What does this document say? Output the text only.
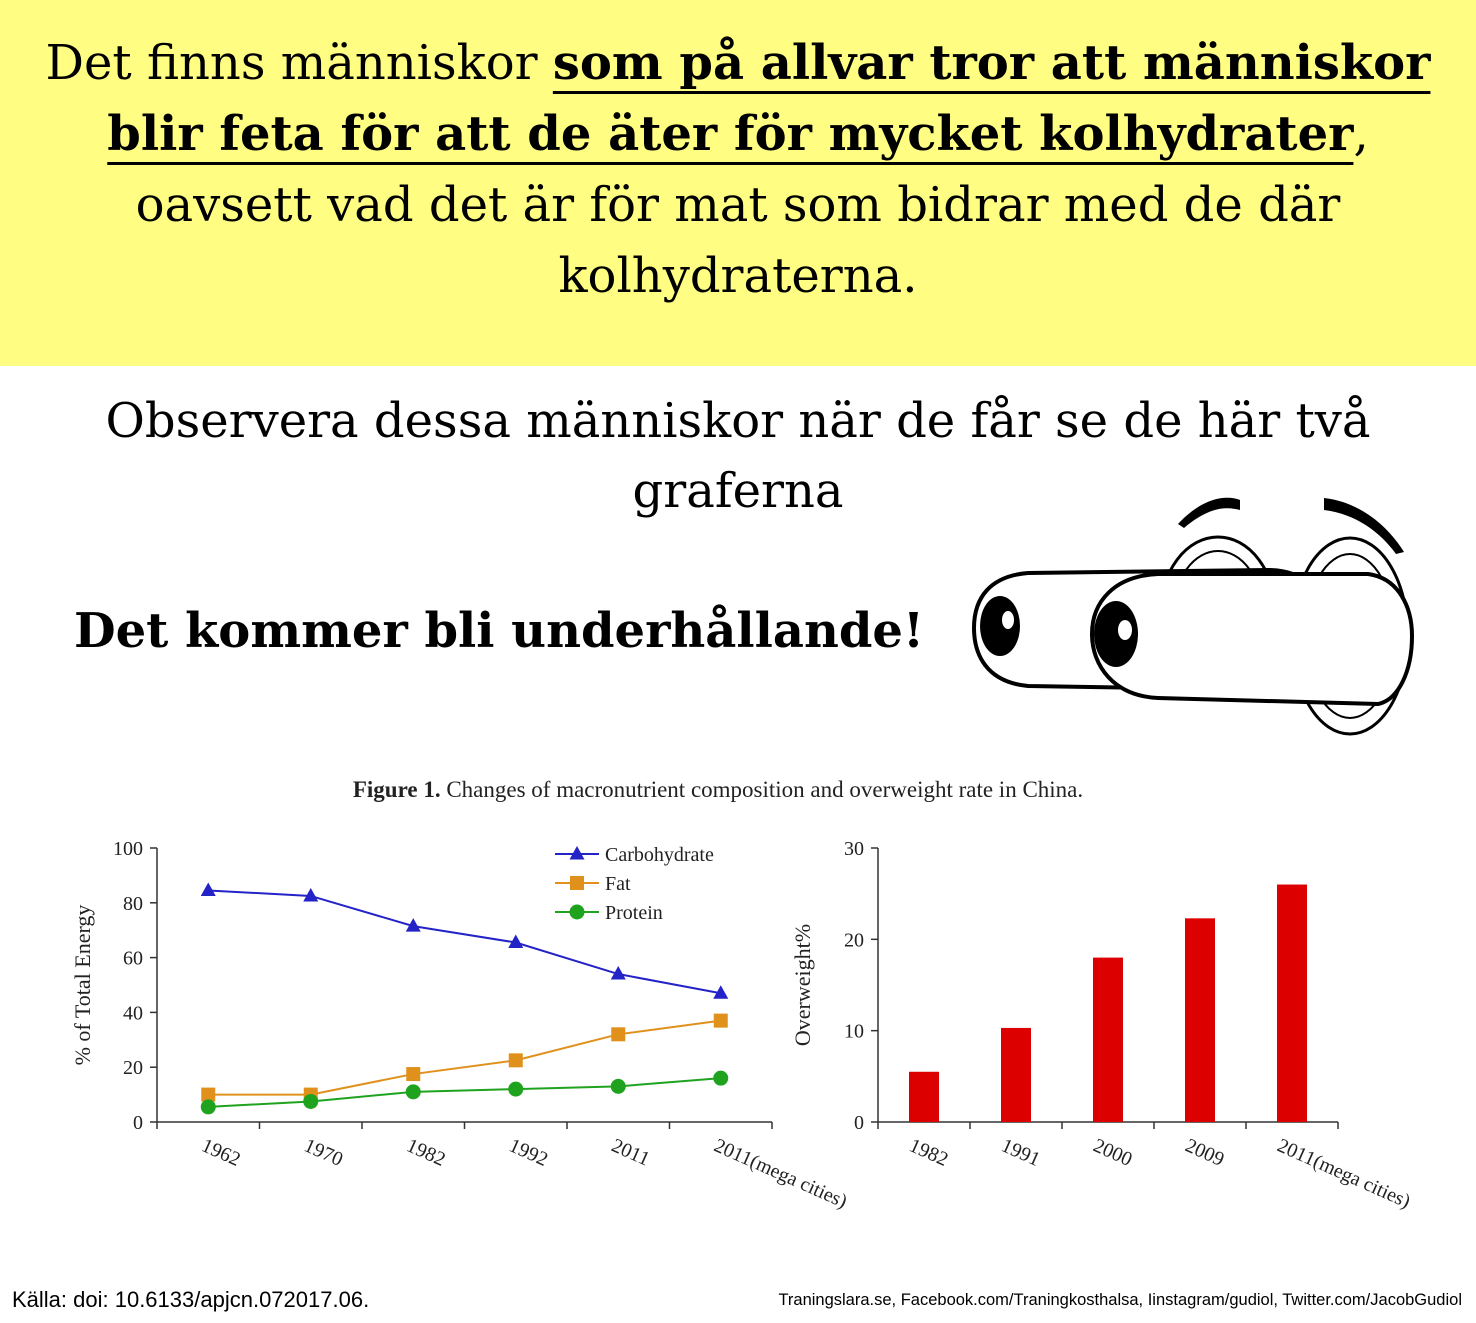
Det finns människor som på allvar tror att människor blir feta för att de äter för mycket kolhydrater, oavsett vad det är för mat som bidrar med de där kolhydraterna.
Observera dessa människor när de får se de här två graferna
Det kommer bli underhållande!
Figure 1. Changes of macronutrient composition and overweight rate in China.
0
20
40
60
80
100
1962	1970	1982	1992	2011	2011(mega cities)
% of Total Energy
Carbohydrate
Fat
Protein
0
10
20
30
1982 1991 2000 2009 2011(mega cities)
Overweight%
Källa: doi: 10.6133/apjcn.072017.06.	Traningslara.se, Facebook.com/Traningkosthalsa, Iinstagram/gudiol, Twitter.com/JacobGudiol
